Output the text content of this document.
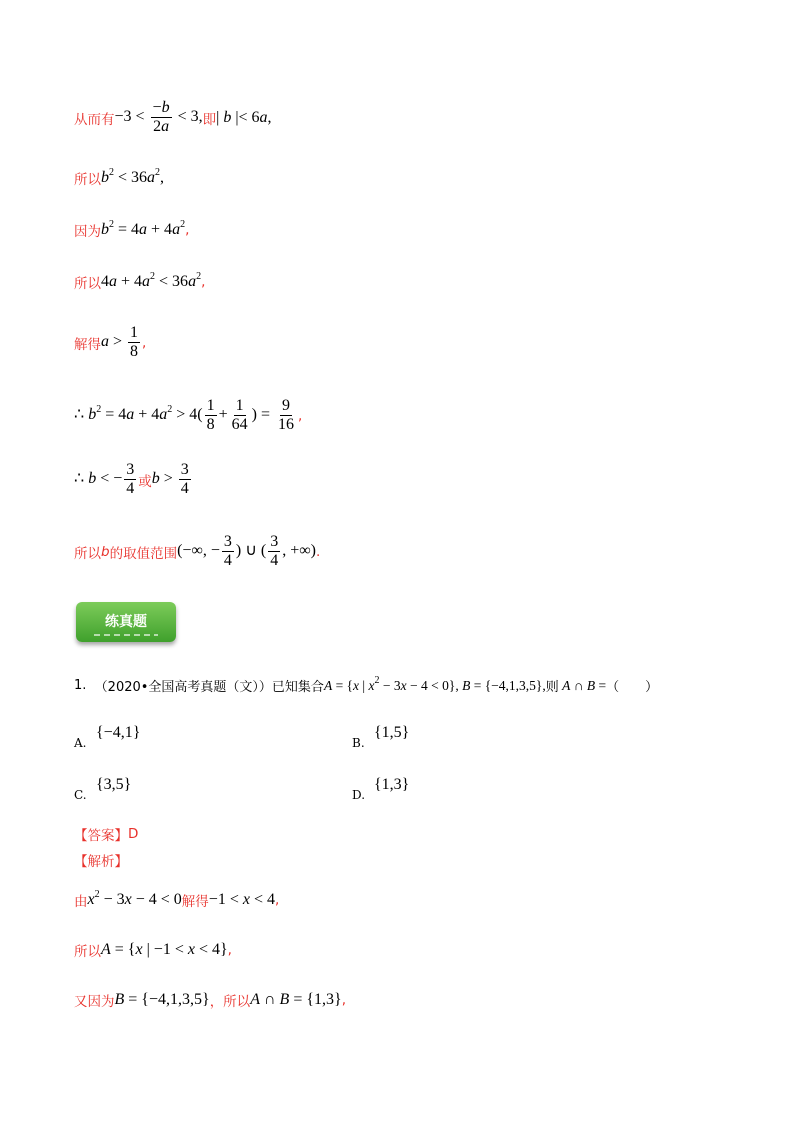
从而有 $-3 < \frac{-b}{2a} < 3$, 即 | b |< 6a,
所以 $b^2 < 36a^2$,
因为 $b^2 = 4a + 4a^2$ ,
所以 $4a + 4a^2 < 36a^2$ ,
解得 $a > \frac{1}{8}$ ,
∴ $b^2 = 4a + 4a^2 > 4( \frac{1}{8} + \frac{1}{64}$ ) = $\frac{9}{16}$ ,
∴ b < − $\frac{3}{4}$ 或 $b > \frac{3}{4}$
所以 b 的取值范围 (−∞, − $\frac{3}{4}$ ) ∪ ( $\frac{3}{4}$ , +∞) .
练真题
1.
（2020•全国高考真题（文））已知集合 A = {x | $x^2 - 3x - 4 < 0$}, B = {−4,1,3,5}, 则 A ∩ B = （　　）
A.
{−4,1}
B.
{1,5}
C.
{3,5}
D.
{1,3}
【答案】 D
【解析】
由 $x^2 - 3x - 4 < 0$ 解得 −1 < x < 4 ,
所以 A = {x | −1 < x < 4} ,
又因为 B = {−4,1,3,5} ，所以 A ∩ B = {1,3} ,
